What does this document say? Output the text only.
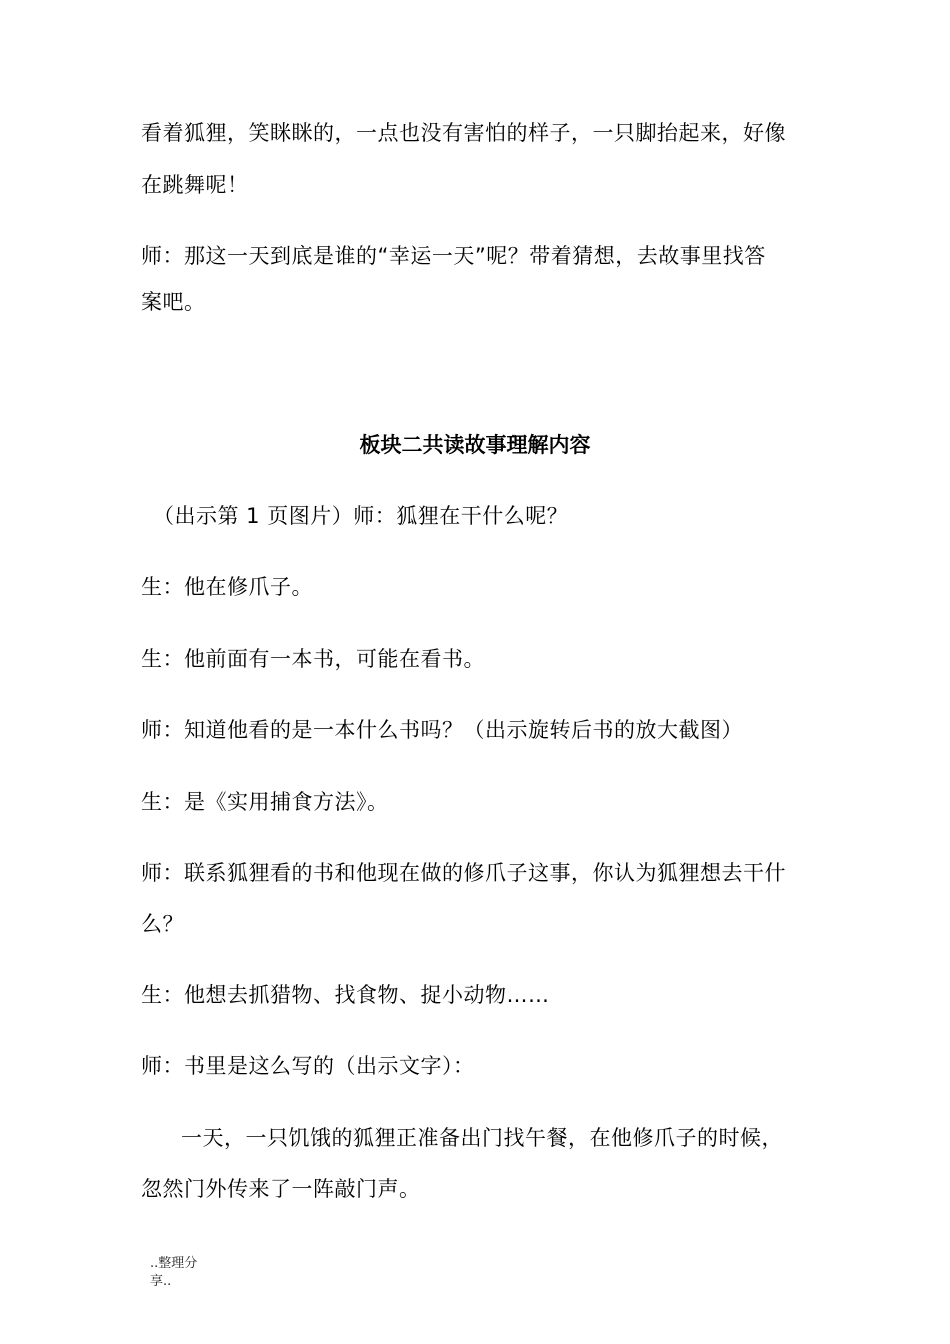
看着狐狸，笑眯眯的，一点也没有害怕的样子，一只脚抬起来，好像
在跳舞呢！
师：那这一天到底是谁的“幸运一天”呢？带着猜想，去故事里找答
案吧。
板块二共读故事理解内容
（出示第 1 页图片）师：狐狸在干什么呢？
生：他在修爪子。
生：他前面有一本书，可能在看书。
师：知道他看的是一本什么书吗？（出示旋转后书的放大截图）
生：是《实用捕食方法》。
师：联系狐狸看的书和他现在做的修爪子这事，你认为狐狸想去干什
么？
生：他想去抓猎物、找食物、捉小动物……
师：书里是这么写的（出示文字）：
一天，一只饥饿的狐狸正准备出门找午餐，在他修爪子的时候，
忽然门外传来了一阵敲门声。
..整理分
享..
